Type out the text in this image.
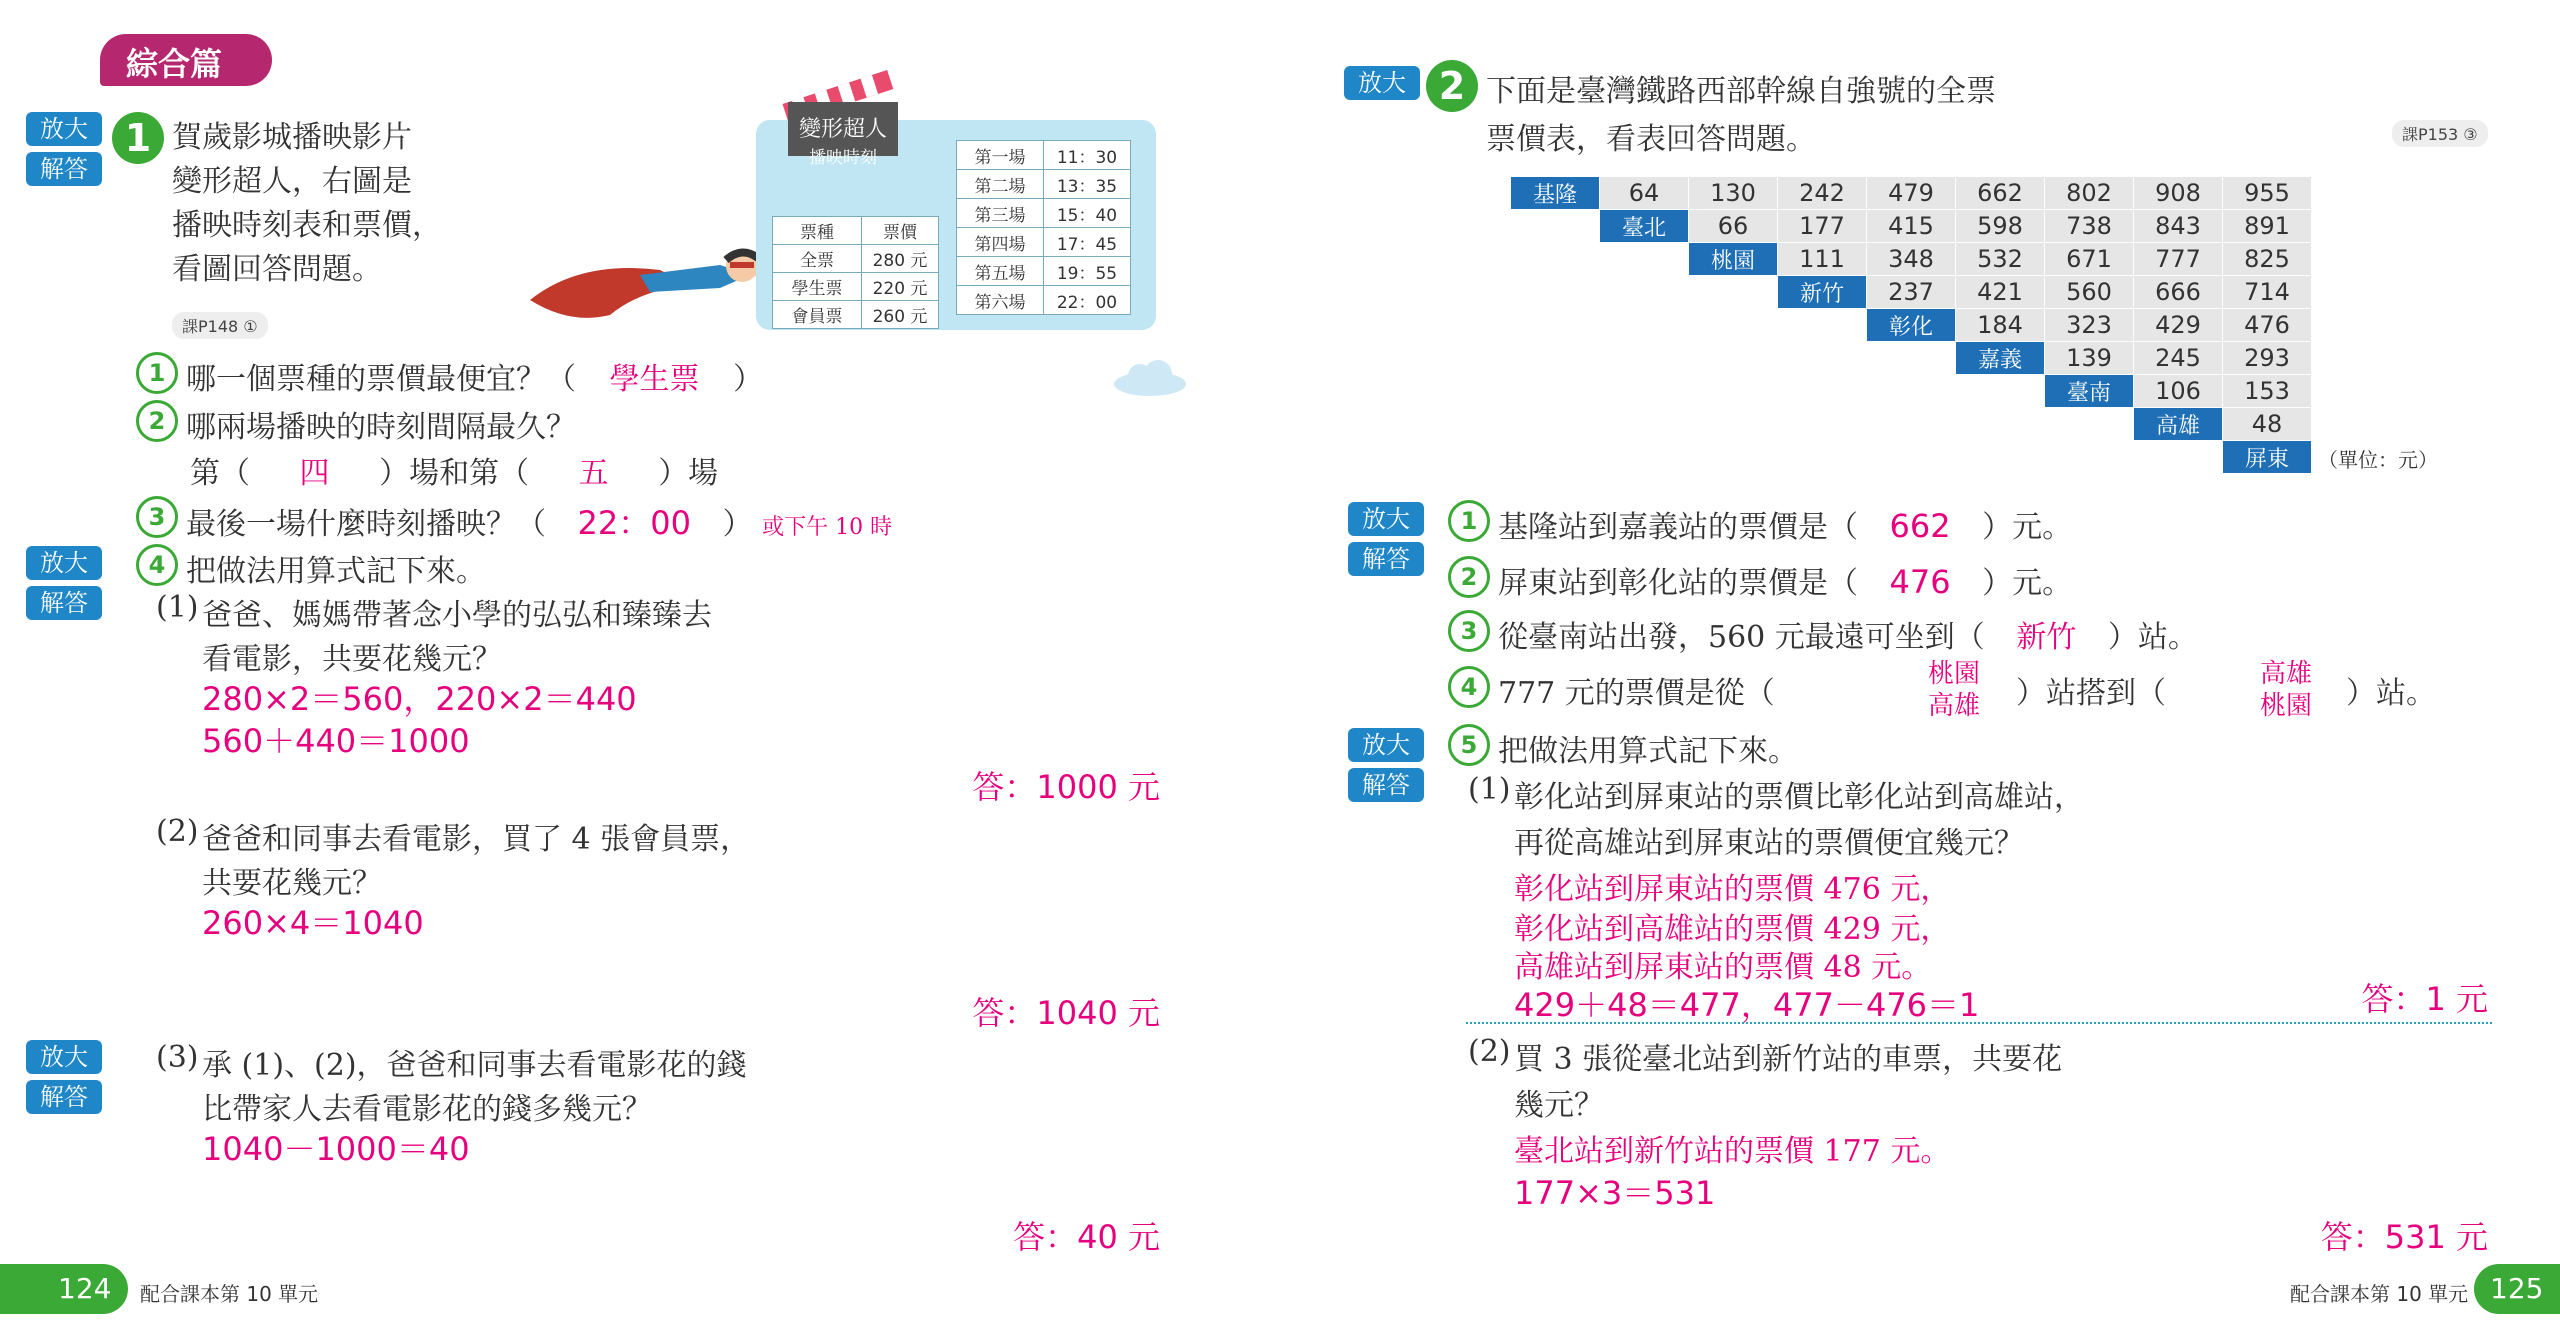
綜合篇
放大
解答
1 賀歲影城播映影片
變形超人，右圖是
播映時刻表和票價，
看圖回答問題。
課P148 ①
變形超人
播映時刻
票種	票價
全票	280 元
學生票	220 元
會員票	260 元
第一場	11：30
第二場	13：35
第三場	15：40
第四場	17：45
第五場	19：55
第六場	22：00
1 哪一個票種的票價最便宜？（ 學生票 ）
2 哪兩場播映的時刻間隔最久？
第（ 四 ）場和第（ 五 ）場
3 最後一場什麼時刻播映？（ 22：00 ） 或下午 10 時
放大
解答
4 把做法用算式記下來。
(1) 爸爸、媽媽帶著念小學的弘弘和臻臻去
看電影，共要花幾元？
280×2＝560，220×2＝440
560＋440＝1000
答：1000 元
(2) 爸爸和同事去看電影，買了 4 張會員票，
共要花幾元？
260×4＝1040
答：1040 元
放大
解答
(3) 承 (1)、(2)，爸爸和同事去看電影花的錢
比帶家人去看電影花的錢多幾元？
1040－1000＝40
答：40 元
124 配合課本第 10 單元
放大 2 下面是臺灣鐵路西部幹線自強號的全票
票價表，看表回答問題。	課P153 ③
基隆	64	130	242	479	662	802	908	955
	臺北	66	177	415	598	738	843	891
		桃園	111	348	532	671	777	825
			新竹	237	421	560	666	714
				彰化	184	323	429	476
					嘉義	139	245	293
						臺南	106	153
							高雄	48
								屏東 （單位：元）
放大
解答
1 基隆站到嘉義站的票價是（ 662 ）元。
2 屏東站到彰化站的票價是（ 476 ）元。
3 從臺南站出發，560 元最遠可坐到（ 新竹 ）站。
4 777 元的票價是從（
桃園
高雄 ）站搭到（
高雄
桃園 ）站。
放大
解答
5 把做法用算式記下來。
(1) 彰化站到屏東站的票價比彰化站到高雄站，
再從高雄站到屏東站的票價便宜幾元？
彰化站到屏東站的票價 476 元，
彰化站到高雄站的票價 429 元，
高雄站到屏東站的票價 48 元。
429＋48＝477，477－476＝1	答：1 元
(2) 買 3 張從臺北站到新竹站的車票，共要花
幾元？
臺北站到新竹站的票價 177 元。
177×3＝531
答：531 元
配合課本第 10 單元 125
